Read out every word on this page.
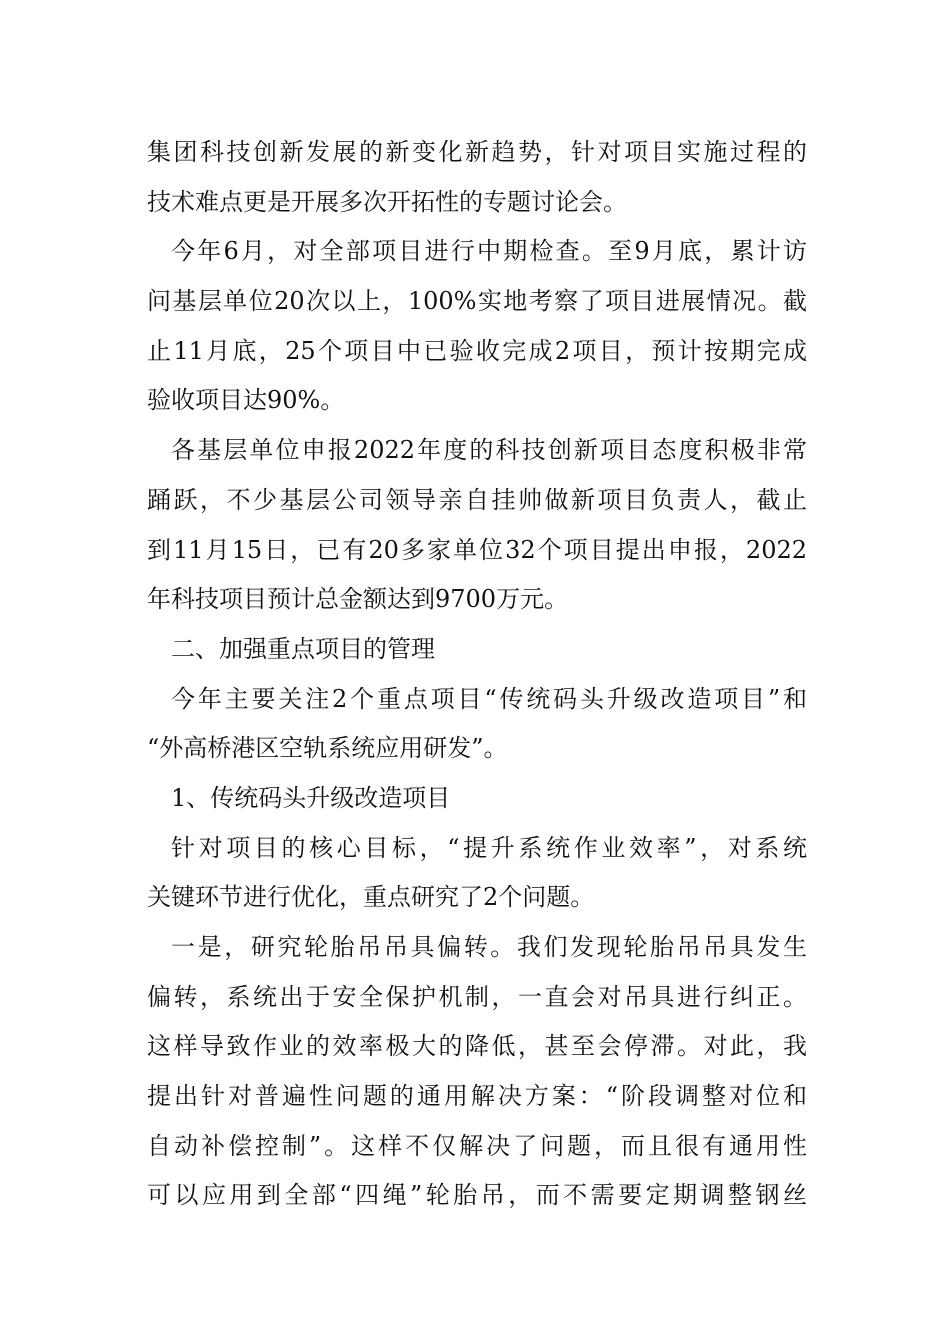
集团科技创新发展的新变化新趋势，针对项目实施过程的
技术难点更是开展多次开拓性的专题讨论会。
今年6月，对全部项目进行中期检查。至9月底，累计访
问基层单位20次以上，100%实地考察了项目进展情况。截
止11月底，25个项目中已验收完成2项目，预计按期完成
验收项目达90%。
各基层单位申报2022年度的科技创新项目态度积极非常
踊跃，不少基层公司领导亲自挂帅做新项目负责人，截止
到11月15日，已有20多家单位32个项目提出申报，2022
年科技项目预计总金额达到9700万元。
二、加强重点项目的管理
今年主要关注2个重点项目“传统码头升级改造项目”和
“外高桥港区空轨系统应用研发”。
1、传统码头升级改造项目
针对项目的核心目标，“提升系统作业效率”，对系统
关键环节进行优化，重点研究了2个问题。
一是，研究轮胎吊吊具偏转。我们发现轮胎吊吊具发生
偏转，系统出于安全保护机制，一直会对吊具进行纠正。
这样导致作业的效率极大的降低，甚至会停滞。对此，我
提出针对普遍性问题的通用解决方案：“阶段调整对位和
自动补偿控制”。这样不仅解决了问题，而且很有通用性
可以应用到全部“四绳”轮胎吊，而不需要定期调整钢丝
